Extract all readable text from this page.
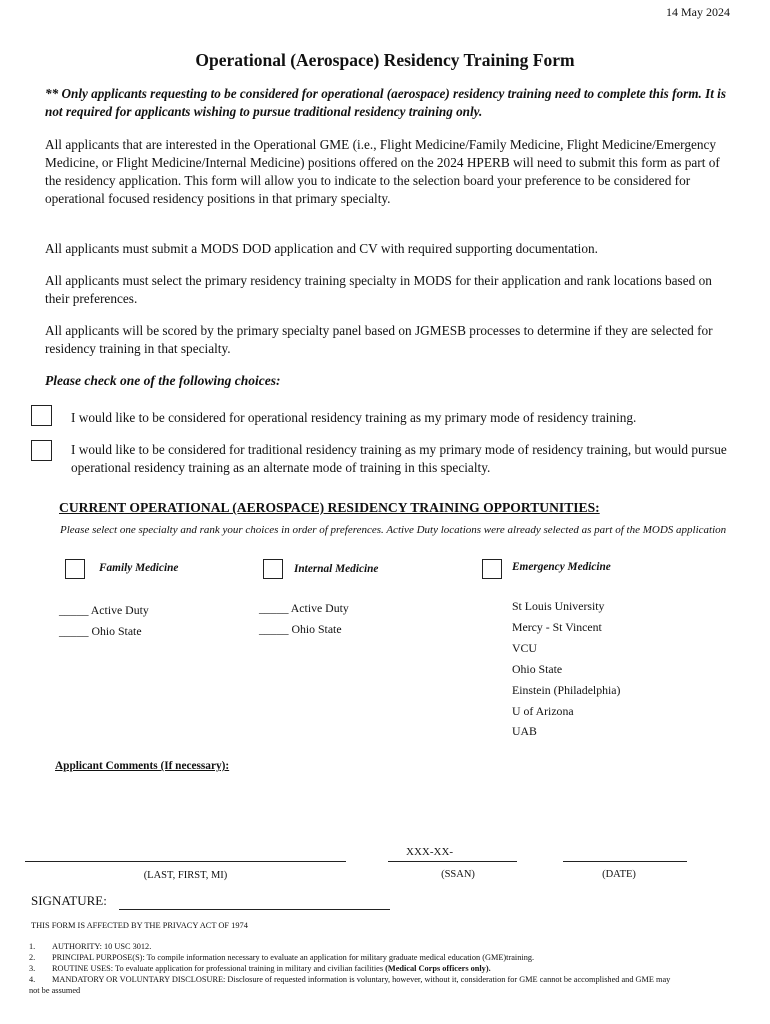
14 May 2024
Operational (Aerospace) Residency Training Form
** Only applicants requesting to be considered for operational (aerospace) residency training need to complete this form. It is not required for applicants wishing to pursue traditional residency training only.
All applicants that are interested in the Operational GME (i.e., Flight Medicine/Family Medicine, Flight Medicine/Emergency Medicine, or Flight Medicine/Internal Medicine) positions offered on the 2024 HPERB will need to submit this form as part of the residency application. This form will allow you to indicate to the selection board your preference to be considered for operational focused residency positions in that primary specialty.
All applicants must submit a MODS DOD application and CV with required supporting documentation.
All applicants must select the primary residency training specialty in MODS for their application and rank locations based on their preferences.
All applicants will be scored by the primary specialty panel based on JGMESB processes to determine if they are selected for residency training in that specialty.
Please check one of the following choices:
I would like to be considered for operational residency training as my primary mode of residency training.
I would like to be considered for traditional residency training as my primary mode of residency training, but would pursue operational residency training as an alternate mode of training in this specialty.
CURRENT OPERATIONAL (AEROSPACE) RESIDENCY TRAINING OPPORTUNITIES:
Please select one specialty and rank your choices in order of preferences. Active Duty locations were already selected as part of the MODS application
Family Medicine
_____ Active Duty
_____ Ohio State
Internal Medicine
_____ Active Duty
_____ Ohio State
Emergency Medicine
St Louis University
Mercy - St Vincent
VCU
Ohio State
Einstein (Philadelphia)
U of Arizona
UAB
Applicant Comments (If necessary):
(LAST, FIRST, MI)
XXX-XX-
(SSAN)	(DATE)
SIGNATURE:
THIS FORM IS AFFECTED BY THE PRIVACY ACT OF 1974
1.	AUTHORITY: 10 USC 3012.
2.	PRINCIPAL PURPOSE(S): To compile information necessary to evaluate an application for military graduate medical education (GME)training.
3.	ROUTINE USES: To evaluate application for professional training in military and civilian facilities (Medical Corps officers only).
4.	MANDATORY OR VOLUNTARY DISCLOSURE: Disclosure of requested information is voluntary, however, without it, consideration for GME cannot be accomplished and GME may
not be assumed
